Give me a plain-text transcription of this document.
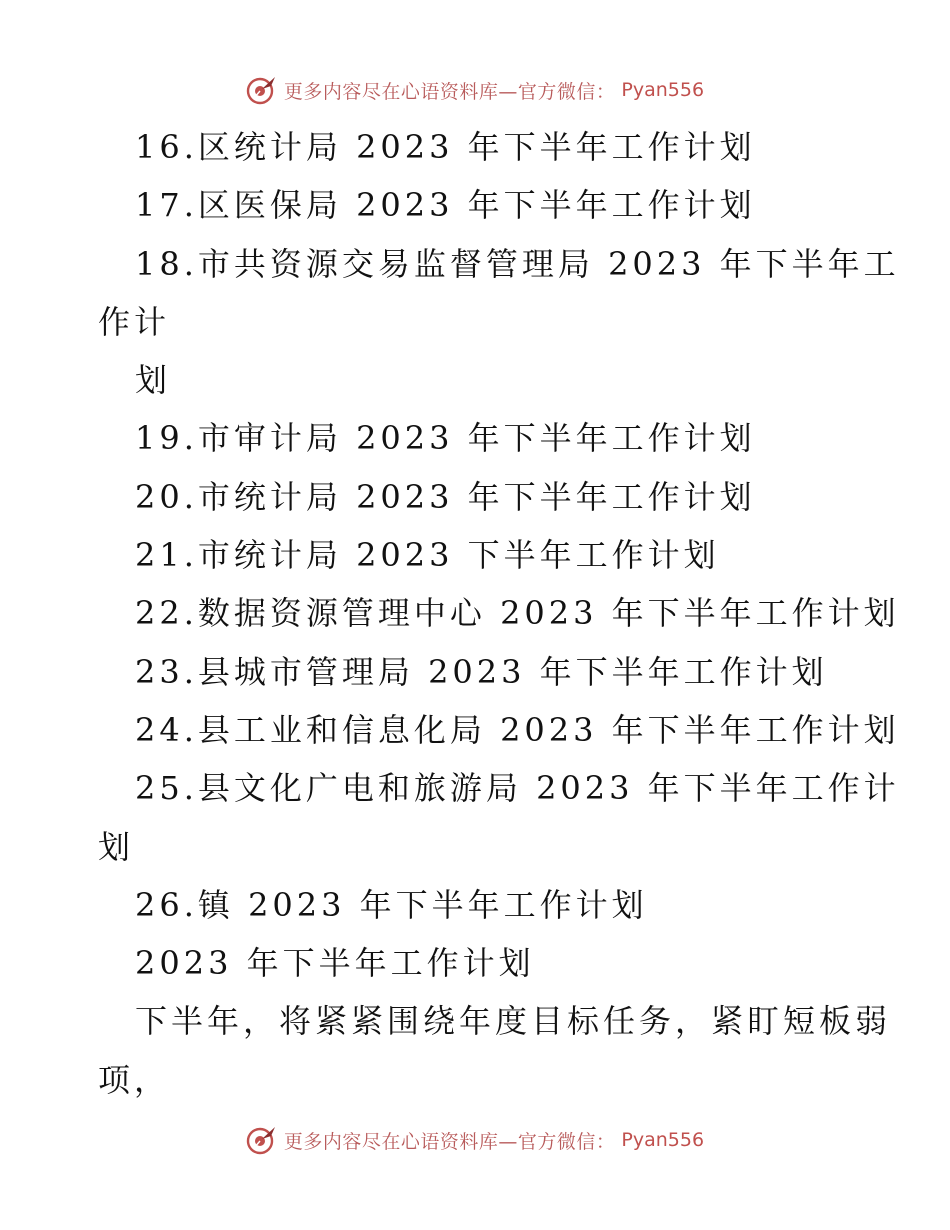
更多内容尽在心语资料库—官方微信： Pyan556
16.区统计局 2023 年下半年工作计划
17.区医保局 2023 年下半年工作计划
18.市共资源交易监督管理局 2023 年下半年工
作计
划
19.市审计局 2023 年下半年工作计划
20.市统计局 2023 年下半年工作计划
21.市统计局 2023 下半年工作计划
22.数据资源管理中心 2023 年下半年工作计划
23.县城市管理局 2023 年下半年工作计划
24.县工业和信息化局 2023 年下半年工作计划
25.县文化广电和旅游局 2023 年下半年工作计
划
26.镇 2023 年下半年工作计划
2023 年下半年工作计划
下半年，将紧紧围绕年度目标任务，紧盯短板弱
项，
更多内容尽在心语资料库—官方微信： Pyan556
